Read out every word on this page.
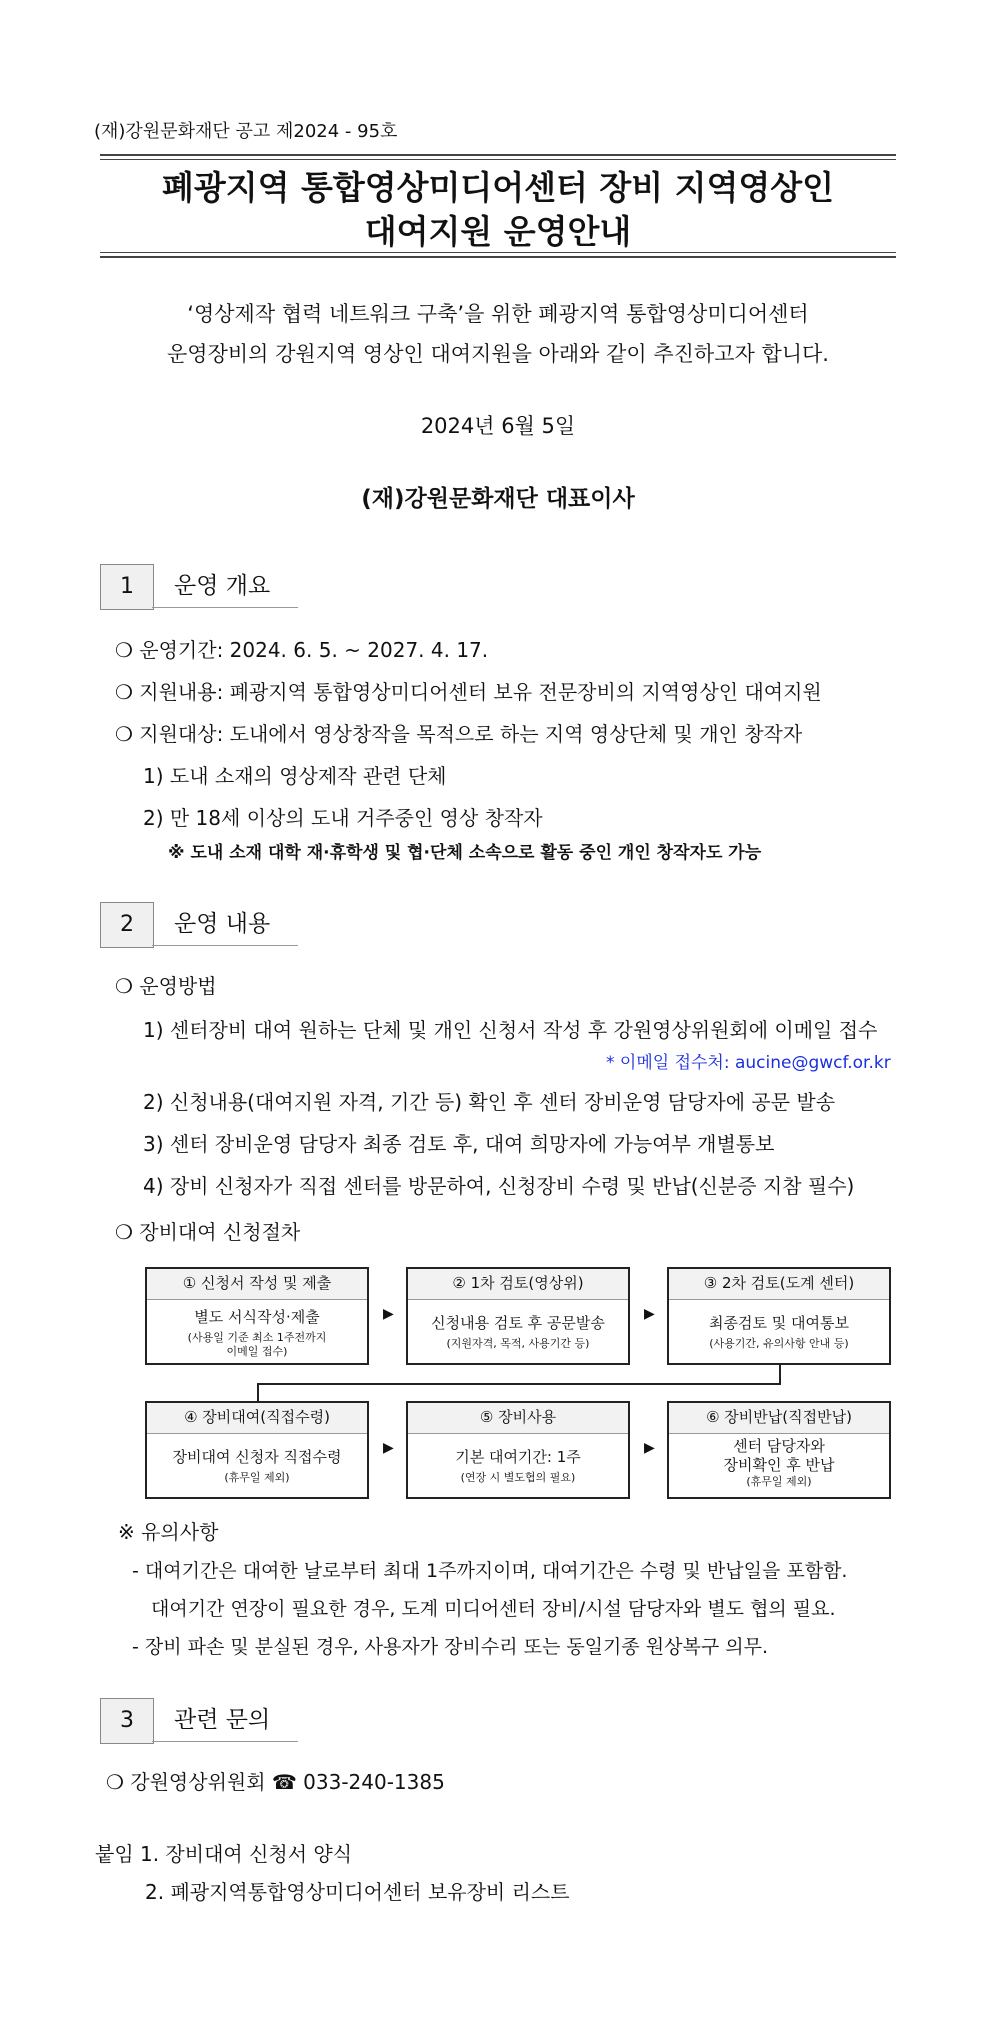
(재)강원문화재단 공고 제2024 - 95호
폐광지역 통합영상미디어센터 장비 지역영상인
대여지원 운영안내
‘영상제작 협력 네트워크 구축’을 위한 폐광지역 통합영상미디어센터
운영장비의 강원지역 영상인 대여지원을 아래와 같이 추진하고자 합니다.
2024년 6월 5일
(재)강원문화재단 대표이사
1	운영 개요
❍ 운영기간: 2024. 6. 5. ~ 2027. 4. 17.
❍ 지원내용: 폐광지역 통합영상미디어센터 보유 전문장비의 지역영상인 대여지원
❍ 지원대상: 도내에서 영상창작을 목적으로 하는 지역 영상단체 및 개인 창작자
1) 도내 소재의 영상제작 관련 단체
2) 만 18세 이상의 도내 거주중인 영상 창작자
※ 도내 소재 대학 재·휴학생 및 협·단체 소속으로 활동 중인 개인 창작자도 가능
2	운영 내용
❍ 운영방법
1) 센터장비 대여 원하는 단체 및 개인 신청서 작성 후 강원영상위원회에 이메일 접수
* 이메일 접수처: aucine@gwcf.or.kr
2) 신청내용(대여지원 자격, 기간 등) 확인 후 센터 장비운영 담당자에 공문 발송
3) 센터 장비운영 담당자 최종 검토 후, 대여 희망자에 가능여부 개별통보
4) 장비 신청자가 직접 센터를 방문하여, 신청장비 수령 및 반납(신분증 지참 필수)
❍ 장비대여 신청절차
① 신청서 작성 및 제출
별도 서식작성·제출
(사용일 기준 최소 1주전까지
이메일 접수)
▶
② 1차 검토(영상위)
신청내용 검토 후 공문발송
(지원자격, 목적, 사용기간 등)
▶
③ 2차 검토(도계 센터)
최종검토 및 대여통보
(사용기간, 유의사항 안내 등)
④ 장비대여(직접수령)
장비대여 신청자 직접수령
(휴무일 제외)
▶
⑤ 장비사용
기본 대여기간: 1주
(연장 시 별도협의 필요)
▶
⑥ 장비반납(직접반납)
센터 담당자와
장비확인 후 반납
(휴무일 제외)
※ 유의사항
- 대여기간은 대여한 날로부터 최대 1주까지이며, 대여기간은 수령 및 반납일을 포함함.
대여기간 연장이 필요한 경우, 도계 미디어센터 장비/시설 담당자와 별도 협의 필요.
- 장비 파손 및 분실된 경우, 사용자가 장비수리 또는 동일기종 원상복구 의무.
3	관련 문의
❍ 강원영상위원회 ☎ 033-240-1385
붙임 1. 장비대여 신청서 양식
2. 폐광지역통합영상미디어센터 보유장비 리스트
